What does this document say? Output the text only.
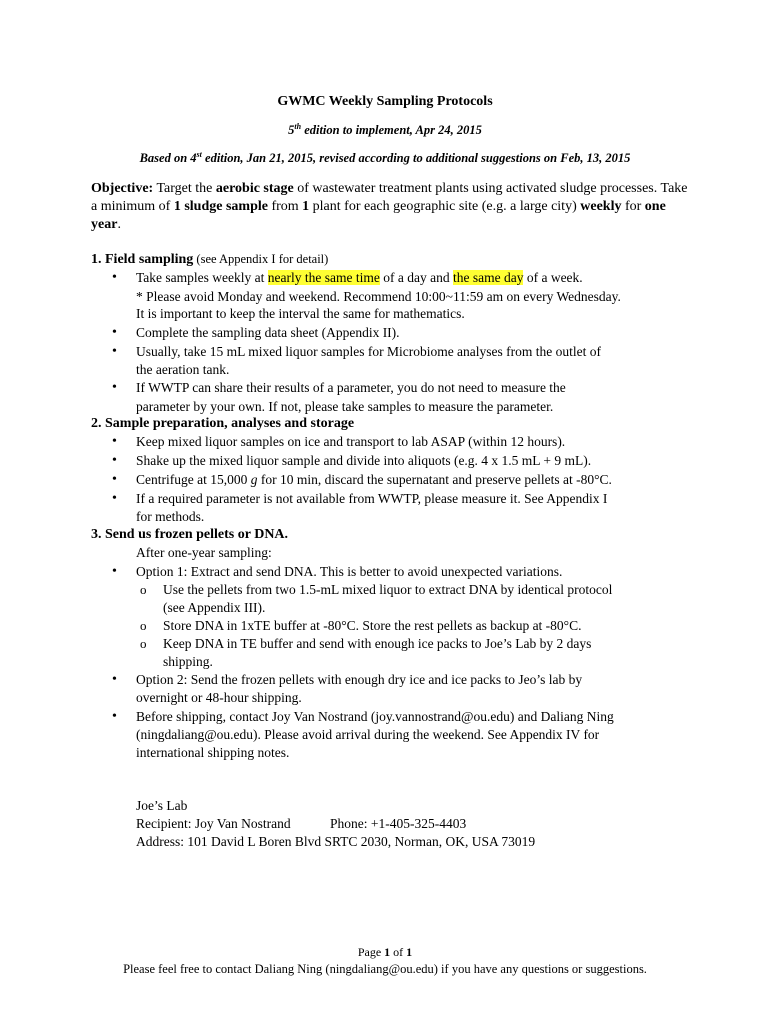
GWMC Weekly Sampling Protocols
5th edition to implement, Apr 24, 2015
Based on 4st edition, Jan 21, 2015, revised according to additional suggestions on Feb, 13, 2015
Objective: Target the aerobic stage of wastewater treatment plants using activated sludge processes. Take a minimum of 1 sludge sample from 1 plant for each geographic site (e.g. a large city) weekly for one year.
1. Field sampling (see Appendix I for detail)
• Take samples weekly at nearly the same time of a day and the same day of a week.
* Please avoid Monday and weekend. Recommend 10:00~11:59 am on every Wednesday.
It is important to keep the interval the same for mathematics.
• Complete the sampling data sheet (Appendix II).
• Usually, take 15 mL mixed liquor samples for Microbiome analyses from the outlet of
the aeration tank.
• If WWTP can share their results of a parameter, you do not need to measure the
parameter by your own. If not, please take samples to measure the parameter.
2. Sample preparation, analyses and storage
• Keep mixed liquor samples on ice and transport to lab ASAP (within 12 hours).
• Shake up the mixed liquor sample and divide into aliquots (e.g. 4 x 1.5 mL + 9 mL).
• Centrifuge at 15,000 g for 10 min, discard the supernatant and preserve pellets at -80°C.
• If a required parameter is not available from WWTP, please measure it. See Appendix I
for methods.
3. Send us frozen pellets or DNA.
After one-year sampling:
• Option 1: Extract and send DNA. This is better to avoid unexpected variations.
o Use the pellets from two 1.5-mL mixed liquor to extract DNA by identical protocol
(see Appendix III).
o Store DNA in 1xTE buffer at -80°C. Store the rest pellets as backup at -80°C.
o Keep DNA in TE buffer and send with enough ice packs to Joe’s Lab by 2 days
shipping.
• Option 2: Send the frozen pellets with enough dry ice and ice packs to Jeo’s lab by
overnight or 48-hour shipping.
• Before shipping, contact Joy Van Nostrand (joy.vannostrand@ou.edu) and Daliang Ning
(ningdaliang@ou.edu). Please avoid arrival during the weekend. See Appendix IV for
international shipping notes.
Joe’s Lab
Recipient: Joy Van Nostrand	Phone: +1-405-325-4403
Address: 101 David L Boren Blvd SRTC 2030, Norman, OK, USA 73019
Page 1 of 1
Please feel free to contact Daliang Ning (ningdaliang@ou.edu) if you have any questions or suggestions.
